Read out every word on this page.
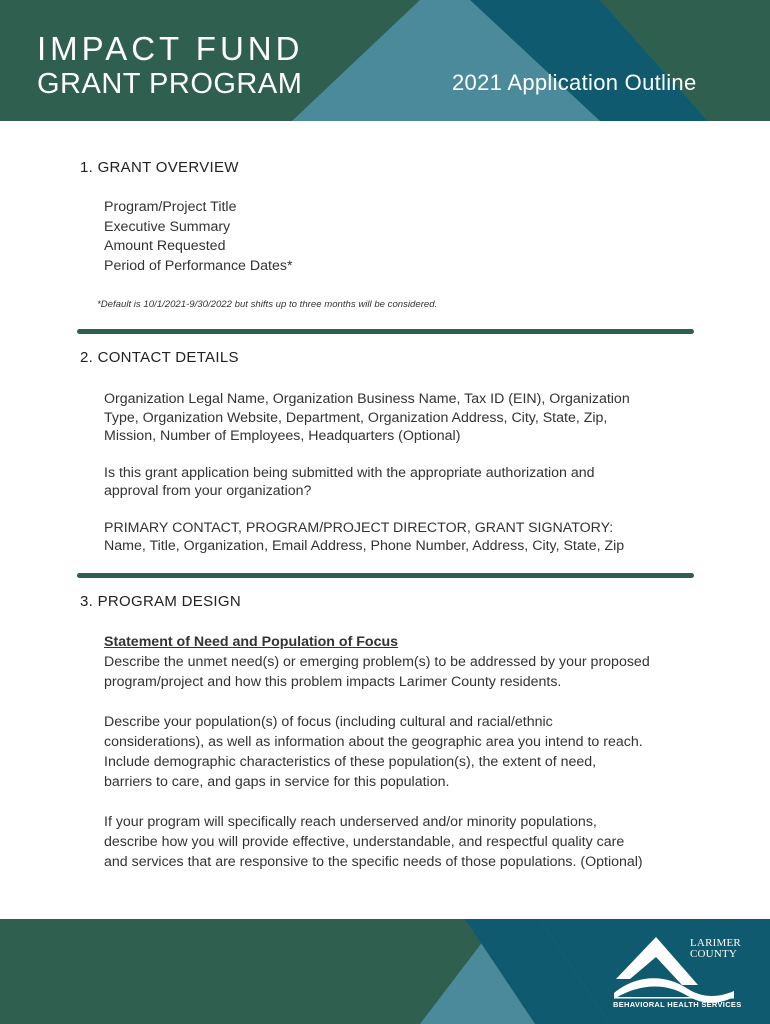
IMPACT FUND
GRANT PROGRAM	2021 Application Outline
1. GRANT OVERVIEW

Program/Project Title

Executive Summary

Amount Requested

Period of Performance Dates*

*Default is 10/1/2021-9/30/2022 but shifts up to three months will be considered.
2. CONTACT DETAILS

Organization Legal Name, Organization Business Name, Tax ID (EIN), Organization

Type, Organization Website, Department, Organization Address, City, State, Zip,

Mission, Number of Employees, Headquarters (Optional)

Is this grant application being submitted with the appropriate authorization and

approval from your organization?

PRIMARY CONTACT, PROGRAM/PROJECT DIRECTOR, GRANT SIGNATORY:

Name, Title, Organization, Email Address, Phone Number, Address, City, State, Zip

3. PROGRAM DESIGN

Statement of Need and Population of Focus

Describe the unmet need(s) or emerging problem(s) to be addressed by your proposed

program/project and how this problem impacts Larimer County residents.

Describe your population(s) of focus (including cultural and racial/ethnic

considerations), as well as information about the geographic area you intend to reach.

Include demographic characteristics of these population(s), the extent of need,

barriers to care, and gaps in service for this population.

If your program will specifically reach underserved and/or minority populations,

describe how you will provide effective, understandable, and respectful quality care

and services that are responsive to the specific needs of those populations. (Optional)

LARIMER
COUNTY
BEHAVIORAL HEALTH SERVICES
